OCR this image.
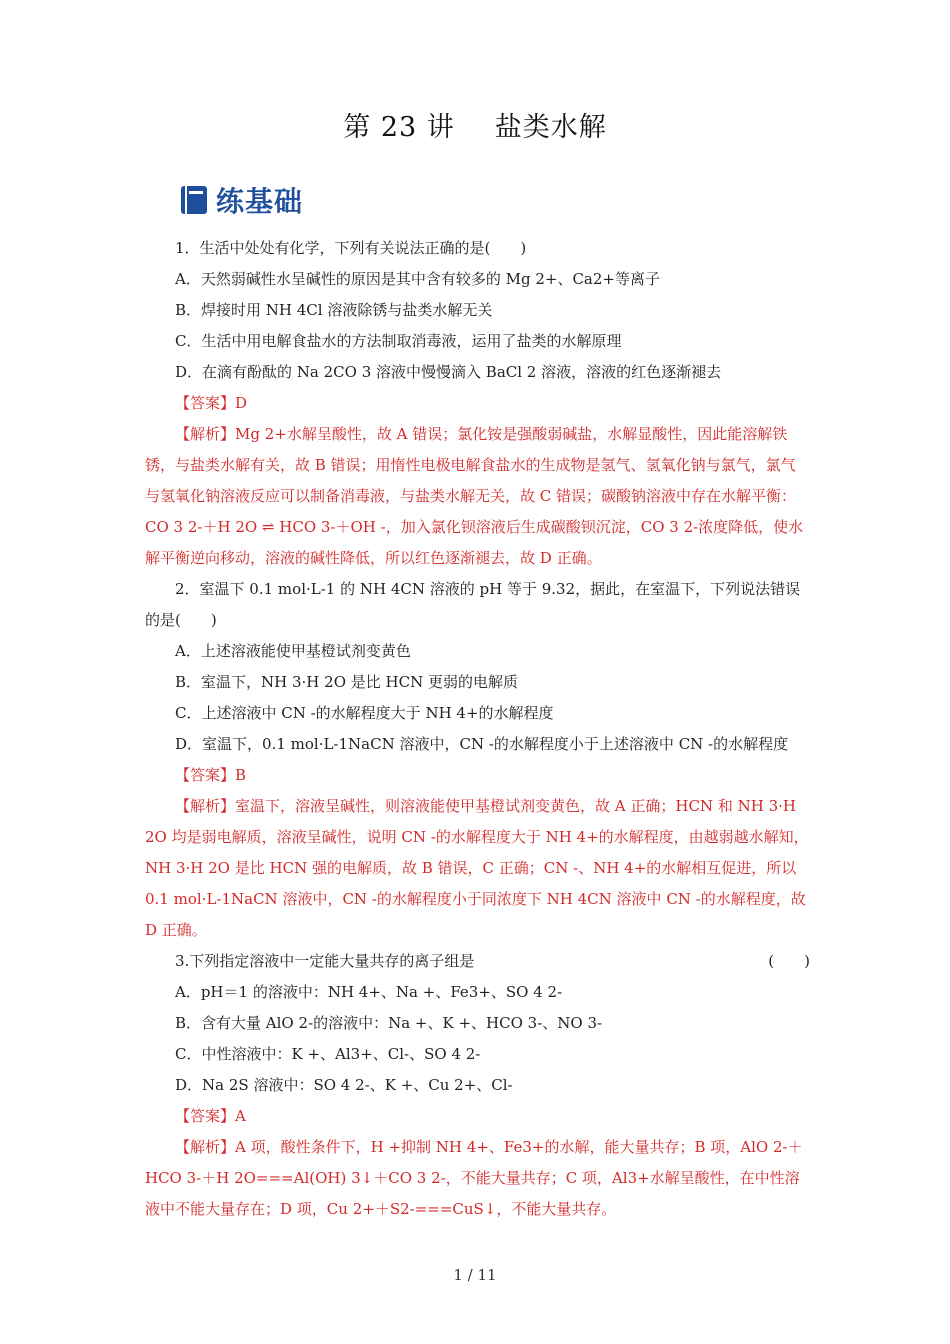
第 23 讲 盐类水解
练基础
1．生活中处处有化学，下列有关说法正确的是(　　)
A．天然弱碱性水呈碱性的原因是其中含有较多的 Mg 2+、Ca2+等离子
B．焊接时用 NH 4Cl 溶液除锈与盐类水解无关
C．生活中用电解食盐水的方法制取消毒液，运用了盐类的水解原理
D．在滴有酚酞的 Na 2CO 3 溶液中慢慢滴入 BaCl 2 溶液，溶液的红色逐渐褪去
【答案】D
【解析】Mg 2+水解呈酸性，故 A 错误；氯化铵是强酸弱碱盐，水解显酸性，因此能溶解铁锈，与盐类水解有关，故 B 错误；用惰性电极电解食盐水的生成物是氢气、氢氧化钠与氯气，氯气与氢氧化钠溶液反应可以制备消毒液，与盐类水解无关，故 C 错误；碳酸钠溶液中存在水解平衡：CO 3 2-＋H 2O ⇌ HCO 3-＋OH -，加入氯化钡溶液后生成碳酸钡沉淀，CO 3 2-浓度降低，使水解平衡逆向移动，溶液的碱性降低，所以红色逐渐褪去，故 D 正确。
2．室温下 0.1 mol·L-1 的 NH 4CN 溶液的 pH 等于 9.32，据此，在室温下，下列说法错误的是(　　)
A．上述溶液能使甲基橙试剂变黄色
B．室温下，NH 3·H 2O 是比 HCN 更弱的电解质
C．上述溶液中 CN -的水解程度大于 NH 4+的水解程度
D．室温下，0.1 mol·L-1NaCN 溶液中，CN -的水解程度小于上述溶液中 CN -的水解程度
【答案】B
【解析】室温下，溶液呈碱性，则溶液能使甲基橙试剂变黄色，故 A 正确；HCN 和 NH 3·H 2O 均是弱电解质，溶液呈碱性，说明 CN -的水解程度大于 NH 4+的水解程度，由越弱越水解知，NH 3·H 2O 是比 HCN 强的电解质，故 B 错误，C 正确；CN -、NH 4+的水解相互促进，所以 0.1 mol·L-1NaCN 溶液中，CN -的水解程度小于同浓度下 NH 4CN 溶液中 CN -的水解程度，故 D 正确。
3.下列指定溶液中一定能大量共存的离子组是	(　　)
A．pH＝1 的溶液中：NH 4+、Na +、Fe3+、SO 4 2-
B．含有大量 AlO 2-的溶液中：Na +、K +、HCO 3-、NO 3-
C．中性溶液中：K +、Al3+、Cl-、SO 4 2-
D．Na 2S 溶液中：SO 4 2-、K +、Cu 2+、Cl-
【答案】A
【解析】A 项，酸性条件下，H +抑制 NH 4+、Fe3+的水解，能大量共存；B 项，AlO 2-＋HCO 3-＋H 2O===Al(OH) 3↓＋CO 3 2-，不能大量共存；C 项，Al3+水解呈酸性，在中性溶液中不能大量存在；D 项，Cu 2+＋S2-===CuS↓，不能大量共存。
1 / 11
